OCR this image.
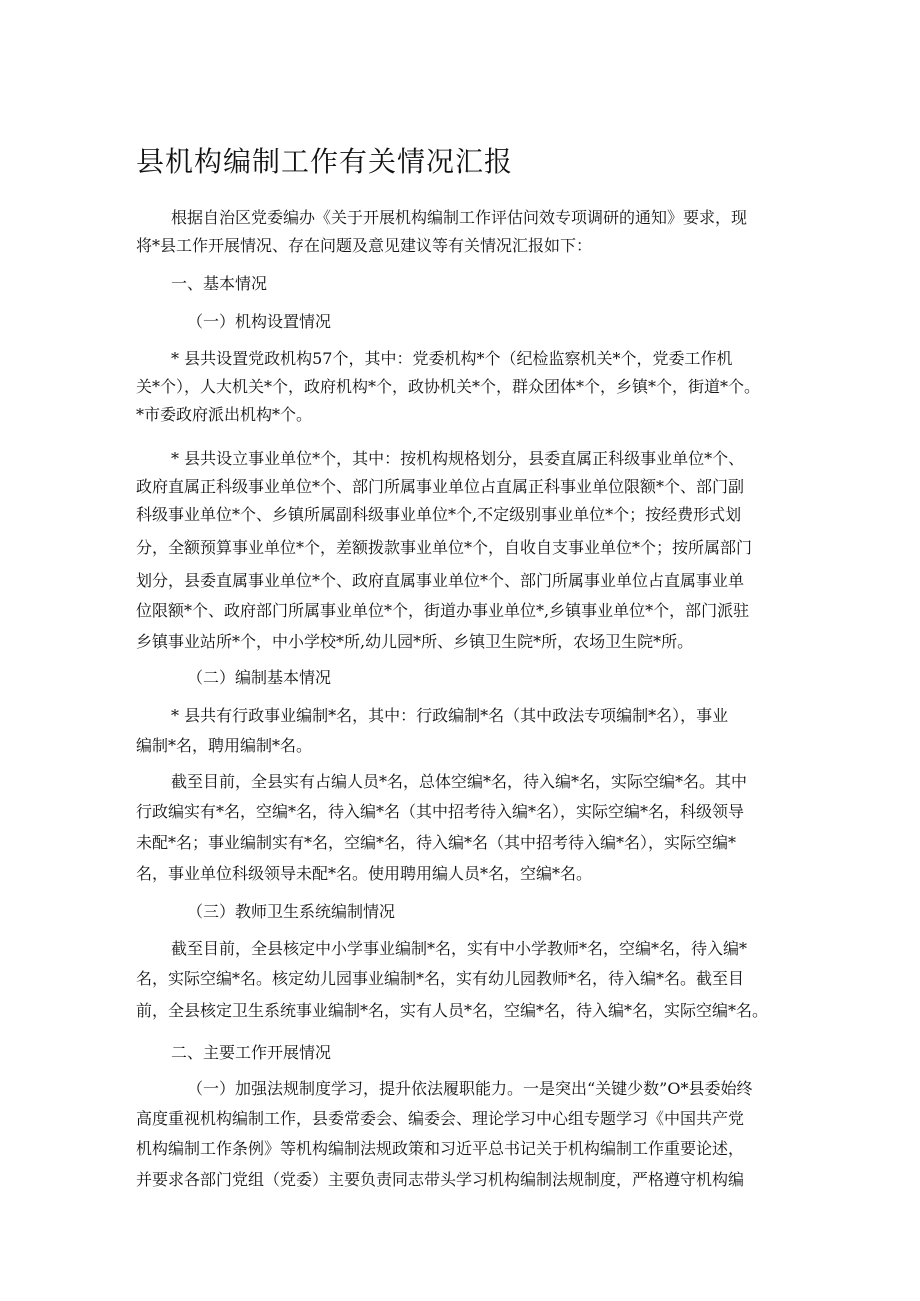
县机构编制工作有关情况汇报
根据自治区党委编办《关于开展机构编制工作评估问效专项调研的通知》要求，现
将*县工作开展情况、存在问题及意见建议等有关情况汇报如下：
一、基本情况
（一）机构设置情况
* 县共设置党政机构57个，其中：党委机构*个（纪检监察机关*个，党委工作机
关*个），人大机关*个，政府机构*个，政协机关*个，群众团体*个，乡镇*个，街道*个。
*市委政府派出机构*个。
* 县共设立事业单位*个，其中：按机构规格划分，县委直属正科级事业单位*个、
政府直属正科级事业单位*个、部门所属事业单位占直属正科事业单位限额*个、部门副
科级事业单位*个、乡镇所属副科级事业单位*个,不定级别事业单位*个；按经费形式划
分，全额预算事业单位*个，差额拨款事业单位*个，自收自支事业单位*个；按所属部门
划分，县委直属事业单位*个、政府直属事业单位*个、部门所属事业单位占直属事业单
位限额*个、政府部门所属事业单位*个，街道办事业单位*,乡镇事业单位*个，部门派驻
乡镇事业站所*个，中小学校*所,幼儿园*所、乡镇卫生院*所，农场卫生院*所。
（二）编制基本情况
* 县共有行政事业编制*名，其中：行政编制*名（其中政法专项编制*名），事业
编制*名，聘用编制*名。
截至目前，全县实有占编人员*名，总体空编*名，待入编*名，实际空编*名。其中
行政编实有*名，空编*名，待入编*名（其中招考待入编*名），实际空编*名，科级领导
未配*名；事业编制实有*名，空编*名，待入编*名（其中招考待入编*名），实际空编*
名，事业单位科级领导未配*名。使用聘用编人员*名，空编*名。
（三）教师卫生系统编制情况
截至目前，全县核定中小学事业编制*名，实有中小学教师*名，空编*名，待入编*
名，实际空编*名。核定幼儿园事业编制*名，实有幼儿园教师*名，待入编*名。截至目
前，全县核定卫生系统事业编制*名，实有人员*名，空编*名，待入编*名，实际空编*名。
二、主要工作开展情况
（一）加强法规制度学习，提升依法履职能力。一是突出“关键少数”O*县委始终
高度重视机构编制工作，县委常委会、编委会、理论学习中心组专题学习《中国共产党
机构编制工作条例》等机构编制法规政策和习近平总书记关于机构编制工作重要论述，
并要求各部门党组（党委）主要负责同志带头学习机构编制法规制度，严格遵守机构编
